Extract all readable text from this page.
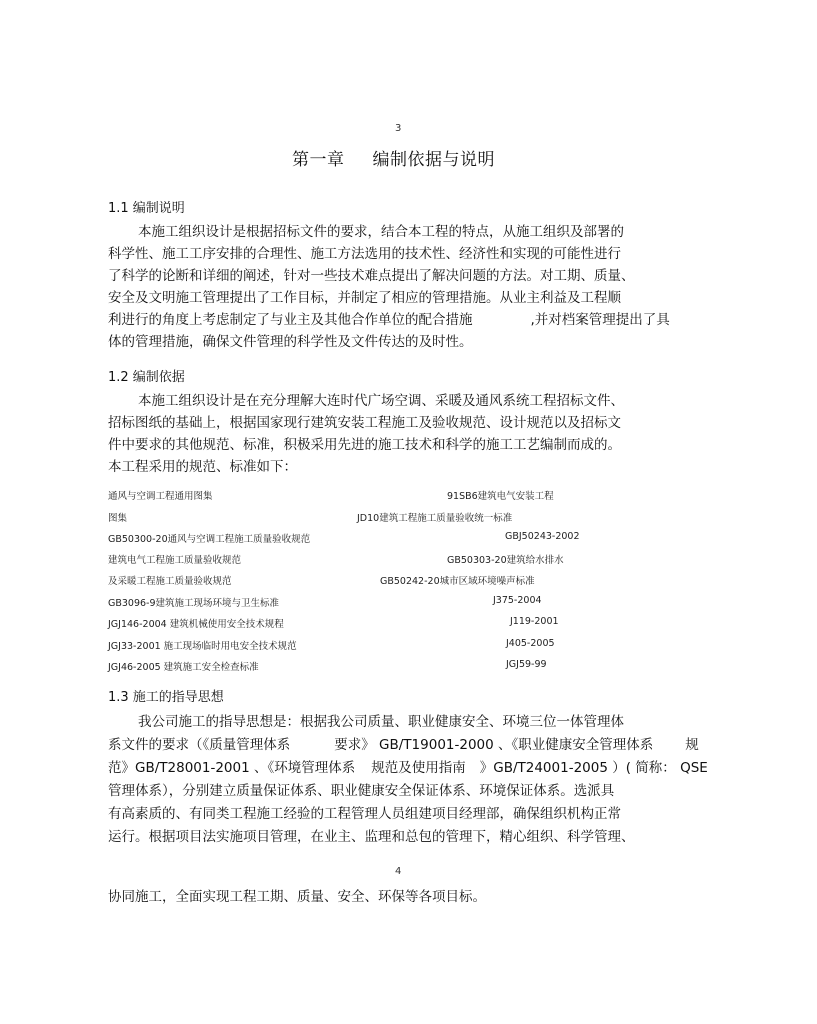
3
第一章 编制依据与说明
1.1 编制说明
本施工组织设计是根据招标文件的要求，结合本工程的特点，从施工组织及部署的
科学性、施工工序安排的合理性、施工方法选用的技术性、经济性和实现的可能性进行
了科学的论断和详细的阐述，针对一些技术难点提出了解决问题的方法。对工期、质量、
安全及文明施工管理提出了工作目标，并制定了相应的管理措施。从业主利益及工程顺
利进行的角度上考虑制定了与业主及其他合作单位的配合措施	,并对档案管理提出了具
体的管理措施，确保文件管理的科学性及文件传达的及时性。
1.2 编制依据
本施工组织设计是在充分理解大连时代广场空调、采暖及通风系统工程招标文件、
招标图纸的基础上，根据国家现行建筑安装工程施工及验收规范、设计规范以及招标文
件中要求的其他规范、标准，积极采用先进的施工技术和科学的施工工艺编制而成的。
本工程采用的规范、标准如下：
通风与空调工程通用图集	91SB6建筑电气安装工程
图集	JD10建筑工程施工质量验收统一标准
GB50300-20通风与空调工程施工质量验收规范	GBJ50243-2002
建筑电气工程施工质量验收规范	GB50303-20建筑给水排水
及采暖工程施工质量验收规范	GB50242-20城市区域环境噪声标准
GB3096-9建筑施工现场环境与卫生标准	J375-2004
JGJ146-2004 建筑机械使用安全技术规程	J119-2001
JGJ33-2001 施工现场临时用电安全技术规范	J405-2005
JGJ46-2005 建筑施工安全检查标准	JGJ59-99
1.3 施工的指导思想
我公司施工的指导思想是：根据我公司质量、职业健康安全、环境三位一体管理体
系文件的要求（《质量管理体系	要求》 GB/T19001-2000 、《职业健康安全管理体系 规
范》GB/T28001-2001 、《环境管理体系 规范及使用指南 》GB/T24001-2005 ）( 简称： QSE
管理体系），分别建立质量保证体系、职业健康安全保证体系、环境保证体系。选派具
有高素质的、有同类工程施工经验的工程管理人员组建项目经理部，确保组织机构正常
运行。根据项目法实施项目管理，在业主、监理和总包的管理下，精心组织、科学管理、
4
协同施工，全面实现工程工期、质量、安全、环保等各项目标。
